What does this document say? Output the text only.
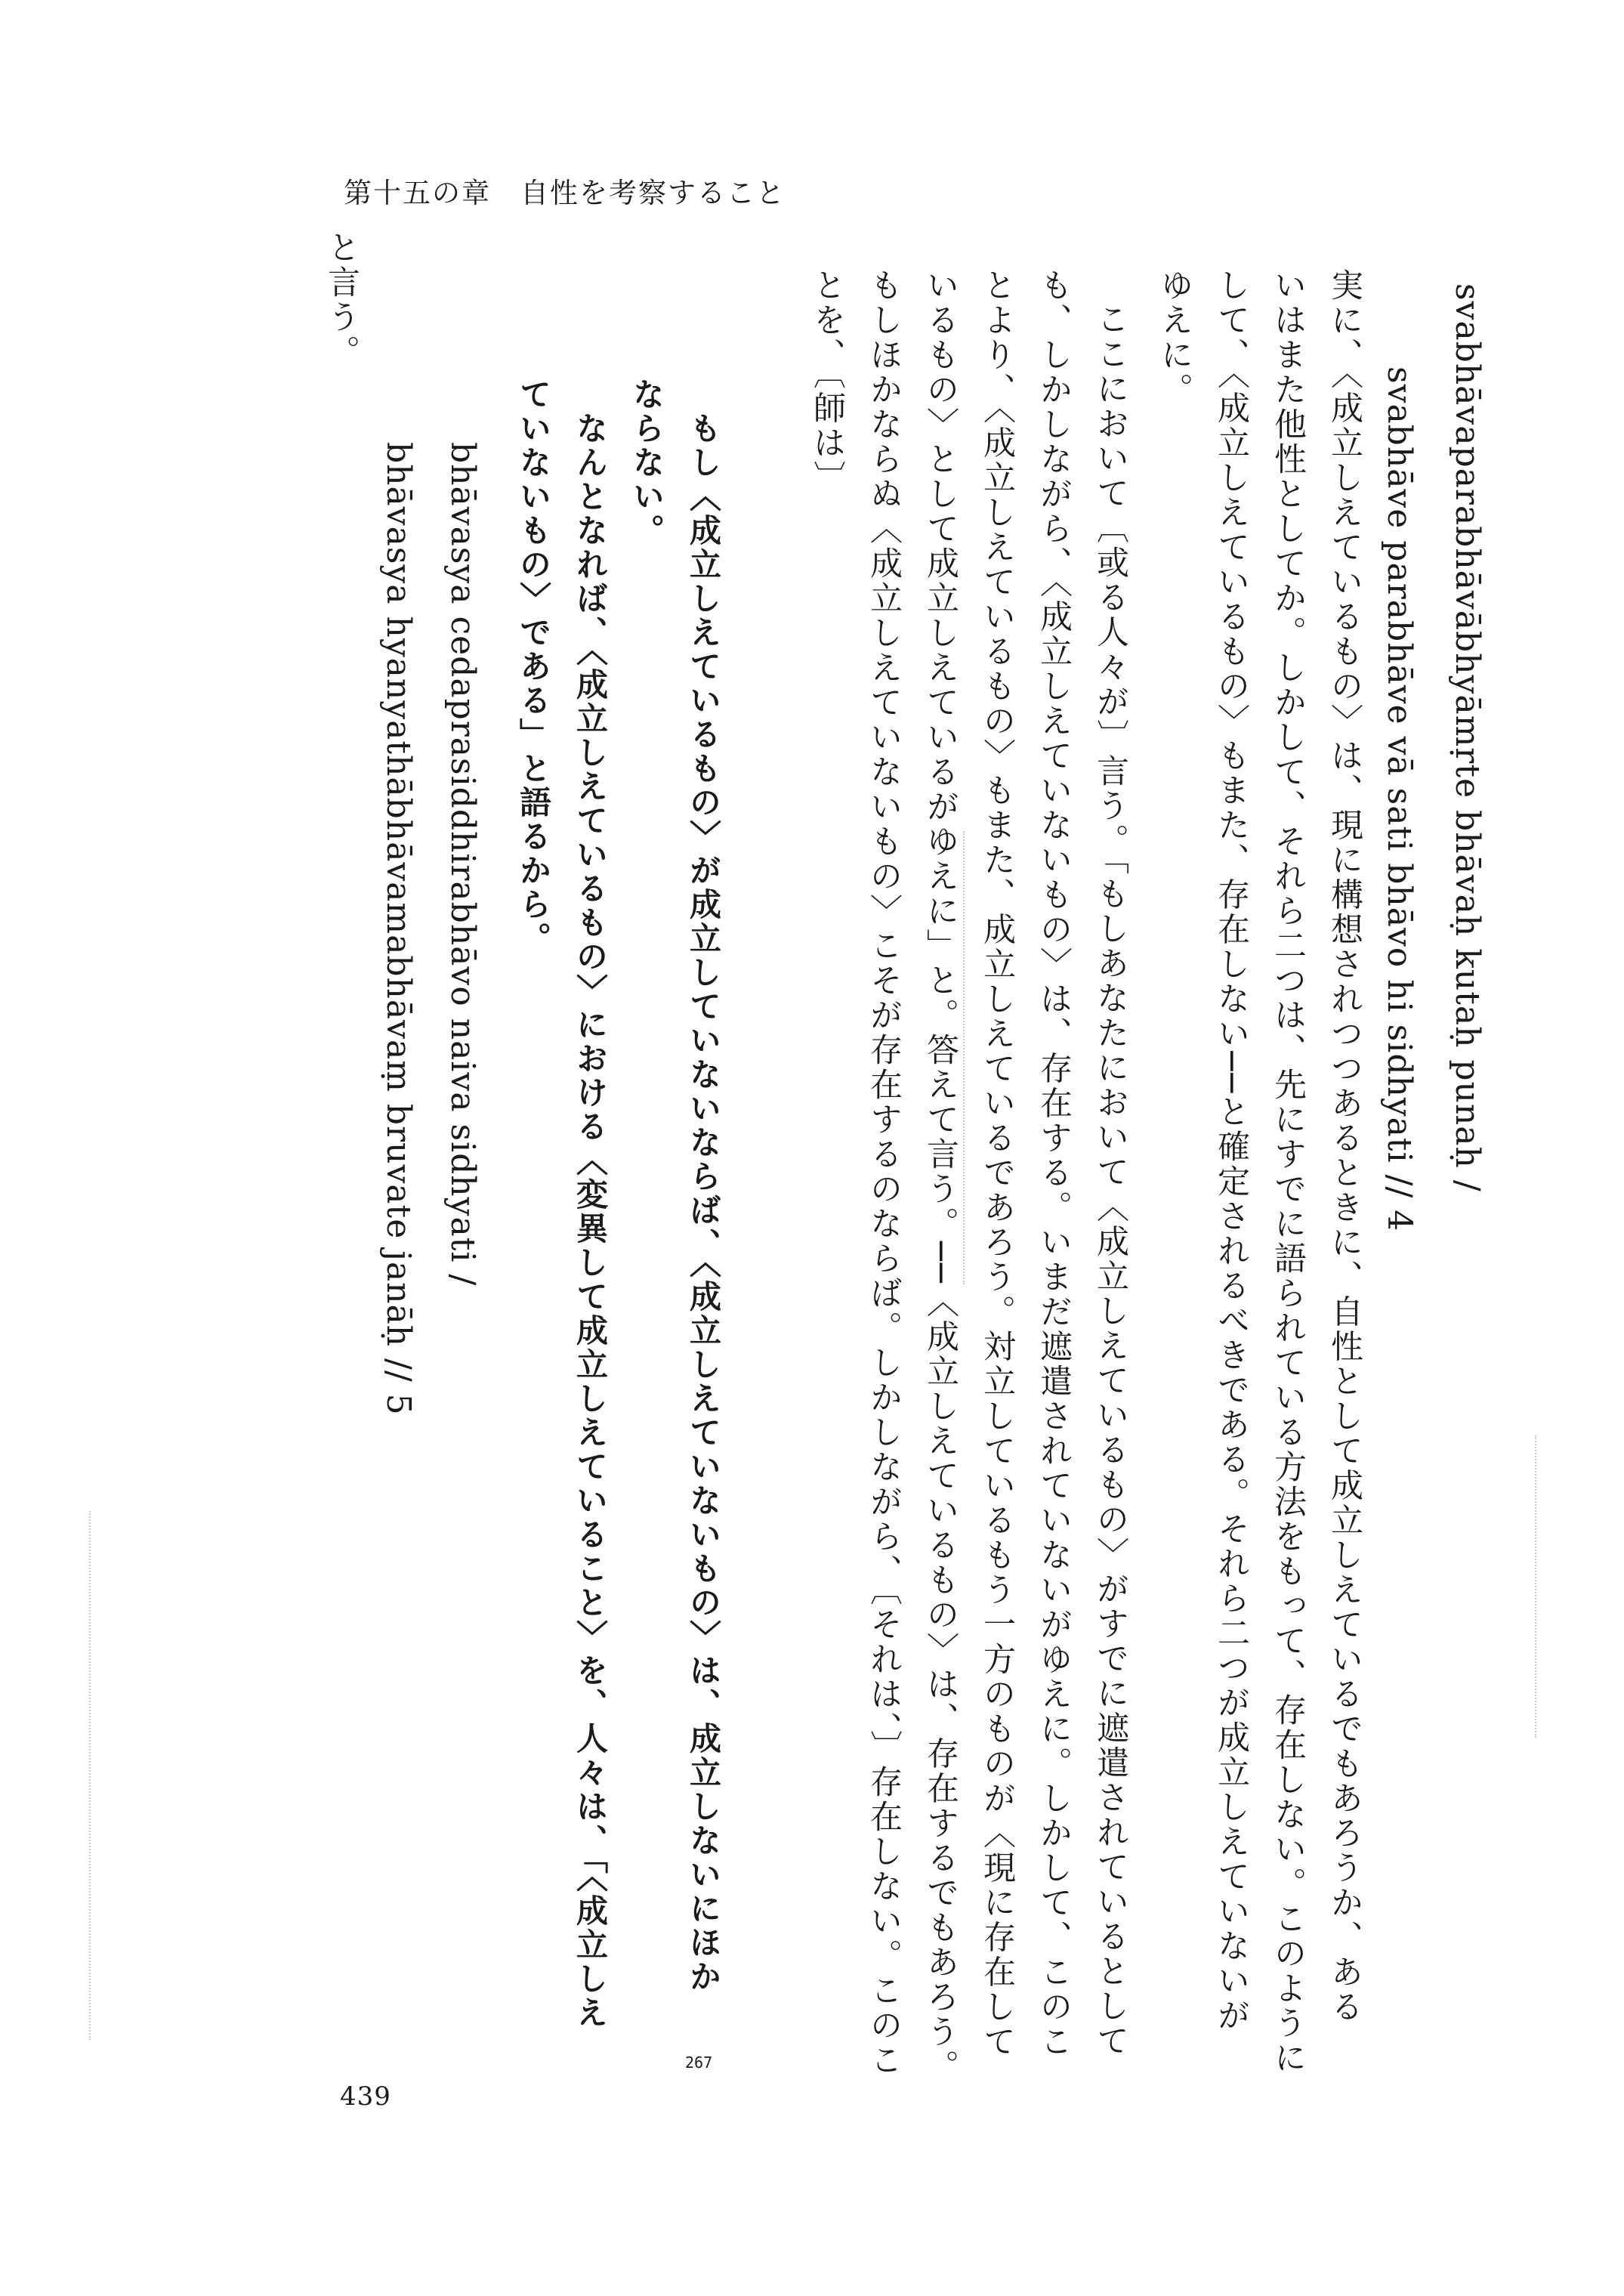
第十五の章　自性を考察すること
svabhāvaparabhāvābhyāmṛte bhāvaḥ kutaḥ punaḥ /
svabhāve parabhāve vā sati bhāvo hi sidhyati // 4
実に、〈成立しえているもの〉は、現に構想されつつあるときに、自性として成立しえているでもあろうか、ある
いはまた他性としてか。しかして、それら二つは、先にすでに語られている方法をもって、存在しない。このように
して、〈成立しえているもの〉もまた、存在しない──と確定されるべきである。それら二つが成立しえていないが
ゆえに。
ここにおいて〔或る人々が〕言う。「もしあなたにおいて〈成立しえているもの〉がすでに遮遣されているとして
も、しかしながら、〈成立しえていないもの〉は、存在する。いまだ遮遣されていないがゆえに。しかして、このこ
とより、〈成立しえているもの〉もまた、成立しえているであろう。対立しているもう一方のものが〈現に存在して
いるもの〉として成立しえているがゆえに」と。答えて言う。──〈成立しえているもの〉は、存在するでもあろう。
もしほかならぬ〈成立しえていないもの〉こそが存在するのならば。しかしながら、〔それは、〕存在しない。このこ
とを、〔師は〕
もし〈成立しえているもの〉が成立していないならば、〈成立しえていないもの〉は、成立しないにほか
ならない。
なんとなれば、〈成立しえているもの〉における〈変異して成立しえていること〉を、人々は、「〈成立しえ
ていないもの〉である」と語るから。
bhāvasya cedaprasiddhirabhāvo naiva sidhyati /
bhāvasya hyanyathābhāvamabhāvaṃ bruvate janāḥ // 5
と言う。
267
439
